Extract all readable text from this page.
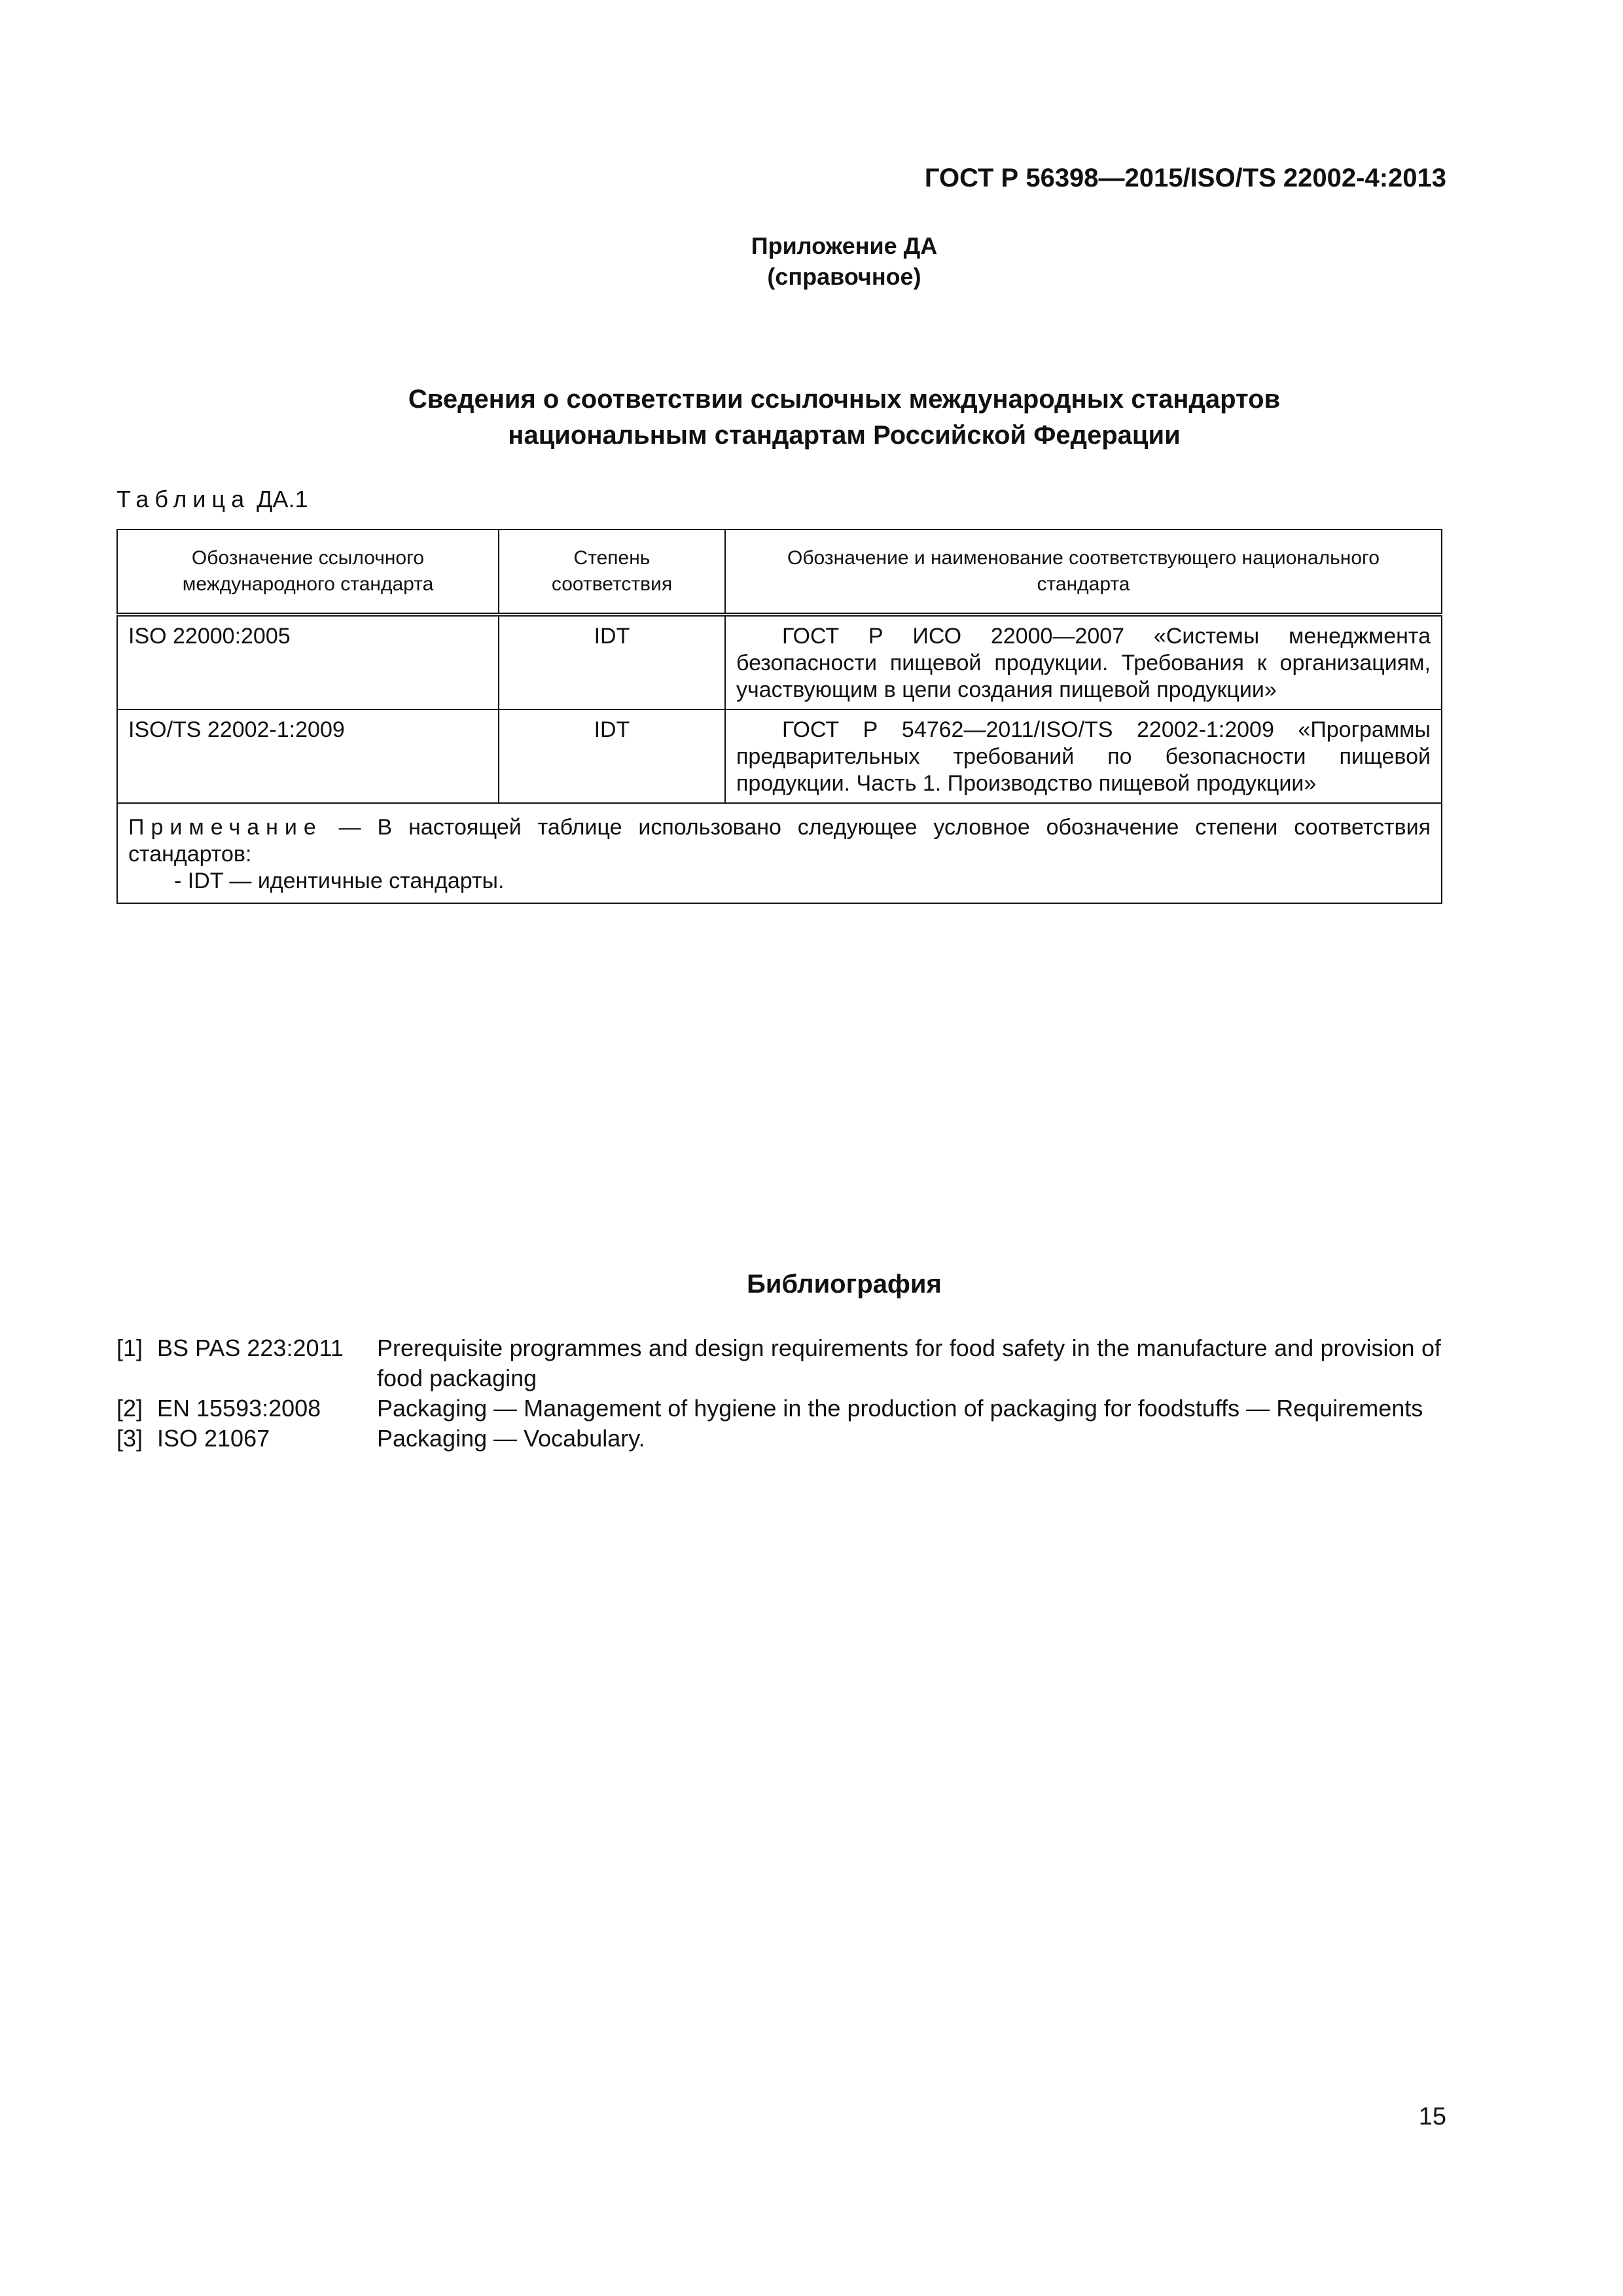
ГОСТ Р 56398—2015/ISO/TS 22002-4:2013
Приложение ДА
(справочное)
Сведения о соответствии ссылочных международных стандартов
национальным стандартам Российской Федерации
Таблица ДА.1
Обозначение ссылочного международного стандарта	Степень соответствия	Обозначение и наименование соответствующего национального стандарта
ISO 22000:2005	IDT	ГОСТ Р ИСО 22000—2007 «Системы менеджмента безопасности пищевой продукции. Требования к организациям, участвующим в цепи создания пищевой продукции»
ISO/TS 22002-1:2009	IDT	ГОСТ Р 54762—2011/ISO/TS 22002-1:2009 «Программы предварительных требований по безопасности пищевой продукции. Часть 1. Производство пищевой продукции»

Примечание — В настоящей таблице использовано следующее условное обозначение степени соответствия стандартов:
- IDT — идентичные стандарты.		
Библиография
[1] BS PAS 223:2011	Prerequisite programmes and design requirements for food safety in the manufacture and provision of food packaging
[2] EN 15593:2008	Packaging — Management of hygiene in the production of packaging for foodstuffs — Requirements
[3] ISO 21067	Packaging — Vocabulary.
15
